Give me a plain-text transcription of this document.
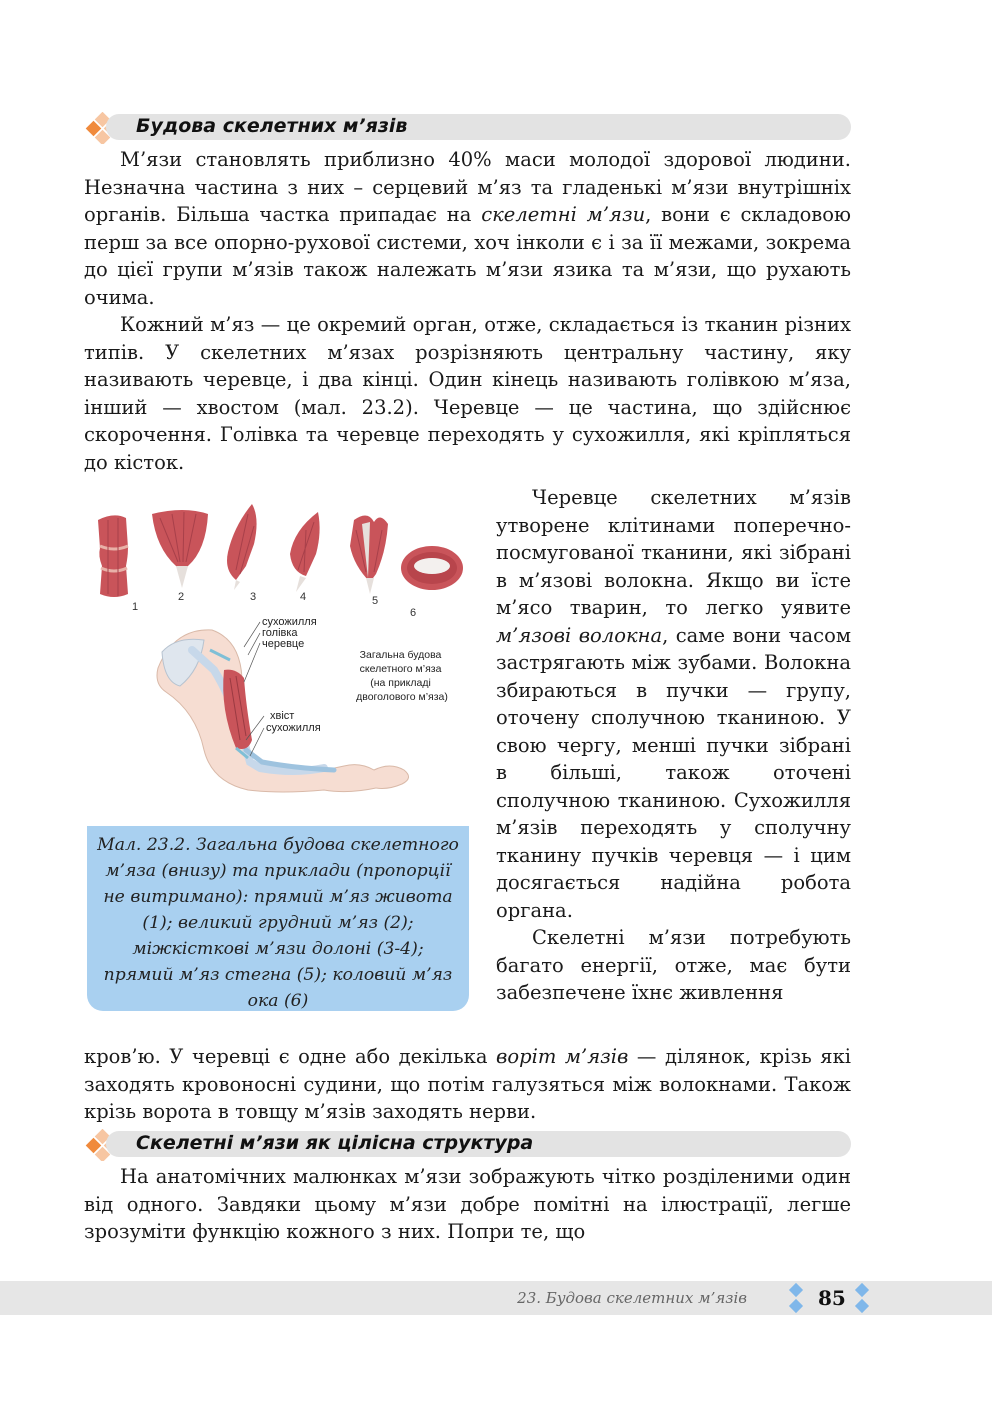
Будова скелетних м’язів

М’язи становлять приблизно 40% маси молодої здорової людини. Незначна частина з них – серцевий м’яз та гладенькі м’язи внутрішніх органів. Більша частка припадає на скелетні м’язи, вони є складовою перш за все опорно-рухової системи, хоч інколи є і за її межами, зокрема до цієї групи м’язів також належать м’язи язика та м’язи, що рухають очима.

Кожний м’яз — це окремий орган, отже, складається із тканин різних типів. У скелетних м’язах розрізняють центральну частину, яку називають черевце, і два кінці. Один кінець називають голівкою м’яза, інший — хвостом (мал. 23.2). Черевце — це частина, що здійснює скорочення. Голівка та черевце переходять у сухожилля, які кріпляться до кісток.

1
2	3	4	5
6
сухожилля
голівка
черевце
хвіст
сухожилля
Загальна будова скелетного м’яза (на прикладі двоголового м’яза)
Мал. 23.2. Загальна будова скелетного м’яза (внизу) та приклади (пропорції не витримано): прямий м’яз живота (1); великий грудний м’яз (2); міжкісткові м’язи долоні (3-4); прямий м’яз стегна (5); коловий м’яз ока (6)

Черевце скелетних м’язів утворене клітинами поперечно-посмугованої тканини, які зібрані в м’язові волокна. Якщо ви їсте м’ясо тварин, то легко уявите м’язові волокна, саме вони часом застрягають між зубами. Волокна збираються в пучки — групу, оточену сполучною тканиною. У свою чергу, менші пучки зібрані в більші, також оточені сполучною тканиною. Сухожилля м’язів переходять у сполучну тканину пучків черевця — і цим досягається надійна робота органа.

Скелетні м’язи потребують багато енергії, отже, має бути забезпечене їхнє живлення

кров’ю. У черевці є одне або декілька воріт м’язів — ділянок, крізь які заходять кровоносні судини, що потім галузяться між волокнами. Також крізь ворота в товщу м’язів заходять нерви.

Скелетні м’язи як цілісна структура

На анатомічних малюнках м’язи зображують чітко розділеними один від одного. Завдяки цьому м’язи добре помітні на ілюстрації, легше зрозуміти функцію кожного з них. Попри те, що

23. Будова скелетних м’язів	85
